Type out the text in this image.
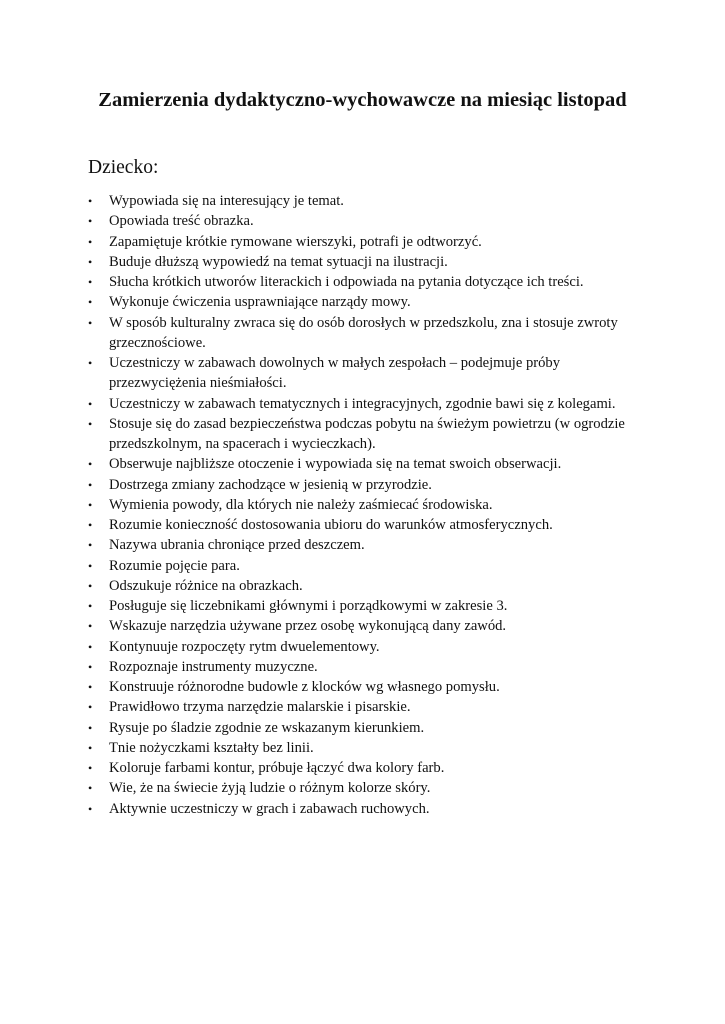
Zamierzenia dydaktyczno-wychowawcze na miesiąc listopad

Dziecko:

•	Wypowiada się na interesujący je temat.
•	Opowiada treść obrazka.
•	Zapamiętuje krótkie rymowane wierszyki, potrafi je odtworzyć.
•	Buduje dłuższą wypowiedź na temat sytuacji na ilustracji.
•	Słucha krótkich utworów literackich i odpowiada na pytania dotyczące ich treści.
•	Wykonuje ćwiczenia usprawniające narządy mowy.
•	W sposób kulturalny zwraca się do osób dorosłych w przedszkolu, zna i stosuje zwroty grzecznościowe.
•	Uczestniczy w zabawach dowolnych w małych zespołach – podejmuje próby przezwyciężenia nieśmiałości.
•	Uczestniczy w zabawach tematycznych i integracyjnych, zgodnie bawi się z kolegami.
•	Stosuje się do zasad bezpieczeństwa podczas pobytu na świeżym powietrzu (w ogrodzie przedszkolnym, na spacerach i wycieczkach).
•	Obserwuje najbliższe otoczenie i wypowiada się na temat swoich obserwacji.
•	Dostrzega zmiany zachodzące w jesienią w przyrodzie.
•	Wymienia powody, dla których nie należy zaśmiecać środowiska.
•	Rozumie konieczność dostosowania ubioru do warunków atmosferycznych.
•	Nazywa ubrania chroniące przed deszczem.
•	Rozumie pojęcie para.
•	Odszukuje różnice na obrazkach.
•	Posługuje się liczebnikami głównymi i porządkowymi w zakresie 3.
•	Wskazuje narzędzia używane przez osobę wykonującą dany zawód.
•	Kontynuuje rozpoczęty rytm dwuelementowy.
•	Rozpoznaje instrumenty muzyczne.
•	Konstruuje różnorodne budowle z klocków wg własnego pomysłu.
•	Prawidłowo trzyma narzędzie malarskie i pisarskie.
•	Rysuje po śladzie zgodnie ze wskazanym kierunkiem.
•	Tnie nożyczkami kształty bez linii.
•	Koloruje farbami kontur, próbuje łączyć dwa kolory farb.
•	Wie, że na świecie żyją ludzie o różnym kolorze skóry.
•	Aktywnie uczestniczy w grach i zabawach ruchowych.
